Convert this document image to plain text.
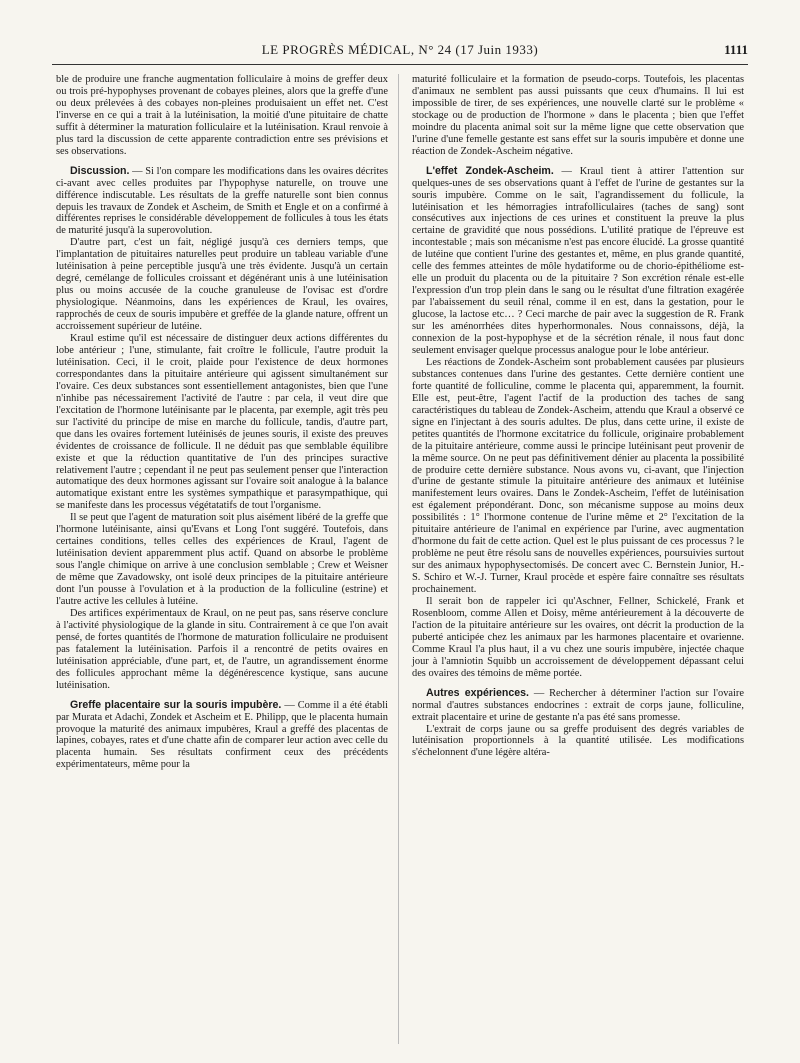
LE PROGRÈS MÉDICAL, N° 24 (17 Juin 1933)	1111

ble de produire une franche augmentation folliculaire à moins de greffer deux ou trois pré-hypophyses provenant de cobayes pleines, alors que la greffe d'une ou deux prélevées à des cobayes non-pleines produisaient un effet net. C'est l'inverse en ce qui a trait à la lutéinisation, la moitié d'une pituitaire de chatte suffit à déterminer la maturation folliculaire et la lutéinisation. Kraul renvoie à plus tard la discussion de cette apparente contradiction entre ses prévisions et ses observations.

Discussion. — Si l'on compare les modifications dans les ovaires décrites ci-avant avec celles produites par l'hypophyse naturelle, on trouve une différence indiscutable. Les résultats de la greffe naturelle sont bien connus depuis les travaux de Zondek et Ascheim, de Smith et Engle et on a confirmé à différentes reprises le considérable développement de follicules à tous les états de maturité jusqu'à la superovolution.

D'autre part, c'est un fait, négligé jusqu'à ces derniers temps, que l'implantation de pituitaires naturelles peut produire un tableau variable d'une lutéinisation à peine perceptible jusqu'à une très évidente. Jusqu'à un certain degré, cemélange de follicules croissant et dégénérant unis à une lutéinisation plus ou moins accusée de la couche granuleuse de l'ovisac est d'ordre physiologique. Néanmoins, dans les expériences de Kraul, les ovaires, rapprochés de ceux de souris impubère et greffée de la glande nature, offrent un accroissement supérieur de lutéine.

Kraul estime qu'il est nécessaire de distinguer deux actions différentes du lobe antérieur ; l'une, stimulante, fait croître le follicule, l'autre produit la lutéinisation. Ceci, il le croit, plaide pour l'existence de deux hormones correspondantes dans la pituitaire antérieure qui agissent simultanément sur l'ovaire. Ces deux substances sont essentiellement antagonistes, bien que l'une n'inhibe pas nécessairement l'activité de l'autre : par cela, il veut dire que l'excitation de l'hormone lutéinisante par le placenta, par exemple, agit très peu sur l'activité du principe de mise en marche du follicule, tandis, d'autre part, que dans les ovaires fortement lutéinisés de jeunes souris, il existe des preuves évidentes de croissance de follicule. Il ne déduit pas que semblable équilibre existe et que la réduction quantitative de l'un des principes suractive relativement l'autre ; cependant il ne peut pas seulement penser que l'interaction automatique des deux hormones agissant sur l'ovaire soit analogue à la balance automatique existant entre les systèmes sympathique et parasympathique, qui se manifeste dans les processus végétatatifs de tout l'organisme.

Il se peut que l'agent de maturation soit plus aisément libéré de la greffe que l'hormone lutéinisante, ainsi qu'Evans et Long l'ont suggéré. Toutefois, dans certaines conditions, telles celles des expériences de Kraul, l'agent de lutéinisation devient apparemment plus actif. Quand on absorbe le problème sous l'angle chimique on arrive à une conclusion semblable ; Crew et Weisner de même que Zavadowsky, ont isolé deux principes de la pituitaire antérieure dont l'un pousse à l'ovulation et à la production de la folliculine (estrine) et l'autre active les cellules à lutéine.

Des artifices expérimentaux de Kraul, on ne peut pas, sans réserve conclure à l'activité physiologique de la glande in situ. Contrairement à ce que l'on avait pensé, de fortes quantités de l'hormone de maturation folliculaire ne produisent pas fatalement la lutéinisation. Parfois il a rencontré de petits ovaires en lutéinisation appréciable, d'une part, et, de l'autre, un agrandissement énorme des follicules approchant même la dégénérescence kystique, sans aucune lutéinisation.

Greffe placentaire sur la souris impubère. — Comme il a été établi par Murata et Adachi, Zondek et Ascheim et E. Philipp, que le placenta humain provoque la maturité des animaux impubères, Kraul a greffé des placentas de lapines, cobayes, rates et d'une chatte afin de comparer leur action avec celle du placenta humain. Ses résultats confirment ceux des précédents expérimentateurs, même pour la

maturité folliculaire et la formation de pseudo-corps. Toutefois, les placentas d'animaux ne semblent pas aussi puissants que ceux d'humains. Il lui est impossible de tirer, de ses expériences, une nouvelle clarté sur le problème « stockage ou de production de l'hormone » dans le placenta ; bien que l'effet moindre du placenta animal soit sur la même ligne que cette observation que l'urine d'une femelle gestante est sans effet sur la souris impubère et donne une réaction de Zondek-Ascheim négative.

L'effet Zondek-Ascheim. — Kraul tient à attirer l'attention sur quelques-unes de ses observations quant à l'effet de l'urine de gestantes sur la souris impubère. Comme on le sait, l'agrandissement du follicule, la lutéinisation et les hémorragies intrafolliculaires (taches de sang) sont consécutives aux injections de ces urines et constituent la preuve la plus certaine de gravidité que nous possédions. L'utilité pratique de l'épreuve est incontestable ; mais son mécanisme n'est pas encore élucidé. La grosse quantité de lutéine que contient l'urine des gestantes et, même, en plus grande quantité, celle des femmes atteintes de môle hydatiforme ou de chorio-épithéliome est-elle un produit du placenta ou de la pituitaire ? Son excrétion rénale est-elle l'expression d'un trop plein dans le sang ou le résultat d'une filtration exagérée par l'abaissement du seuil rénal, comme il en est, dans la gestation, pour le glucose, la lactose etc… ? Ceci marche de pair avec la suggestion de R. Frank sur les aménorrhées dites hyperhormonales. Nous connaissons, déjà, la connexion de la post-hypophyse et de la sécrétion rénale, il nous faut donc seulement envisager quelque processus analogue pour le lobe antérieur.

Les réactions de Zondek-Ascheim sont probablement causées par plusieurs substances contenues dans l'urine des gestantes. Cette dernière contient une forte quantité de folliculine, comme le placenta qui, apparemment, la fournit. Elle est, peut-être, l'agent l'actif de la production des taches de sang caractéristiques du tableau de Zondek-Ascheim, attendu que Kraul a observé ce signe en l'injectant à des souris adultes. De plus, dans cette urine, il existe de petites quantités de l'hormone excitatrice du follicule, originaire probablement de la pituitaire antérieure, comme aussi le principe lutéinisant peut provenir de la même source. On ne peut pas définitivement dénier au placenta la possibilité de produire cette dernière substance. Nous avons vu, ci-avant, que l'injection d'urine de gestante stimule la pituitaire antérieure des animaux et lutéinise manifestement leurs ovaires. Dans le Zondek-Ascheim, l'effet de lutéinisation est également prépondérant. Donc, son mécanisme suppose au moins deux possibilités : 1° l'hormone contenue de l'urine même et 2° l'excitation de la pituitaire antérieure de l'animal en expérience par l'urine, avec augmentation d'hormone du fait de cette action. Quel est le plus puissant de ces processus ? le problème ne peut être résolu sans de nouvelles expériences, poursuivies surtout sur des animaux hypophysectomisés. De concert avec C. Bernstein Junior, H.-S. Schiro et W.-J. Turner, Kraul procède et espère faire connaître ses résultats prochainement.

Il serait bon de rappeler ici qu'Aschner, Fellner, Schickelé, Frank et Rosenbloom, comme Allen et Doisy, même antérieurement à la découverte de l'action de la pituitaire antérieure sur les ovaires, ont décrit la production de la puberté anticipée chez les animaux par les harmones placentaire et ovarienne. Comme Kraul l'a plus haut, il a vu chez une souris impubère, injectée chaque jour à l'amniotin Squibb un accroissement de développement dépassant celui des ovaires des témoins de même portée.

Autres expériences. — Rechercher à déterminer l'action sur l'ovaire normal d'autres substances endocrines : extrait de corps jaune, folliculine, extrait placentaire et urine de gestante n'a pas été sans promesse.

L'extrait de corps jaune ou sa greffe produisent des degrés variables de lutéinisation proportionnels à la quantité utilisée. Les modifications s'échelonnent d'une légère altéra-
